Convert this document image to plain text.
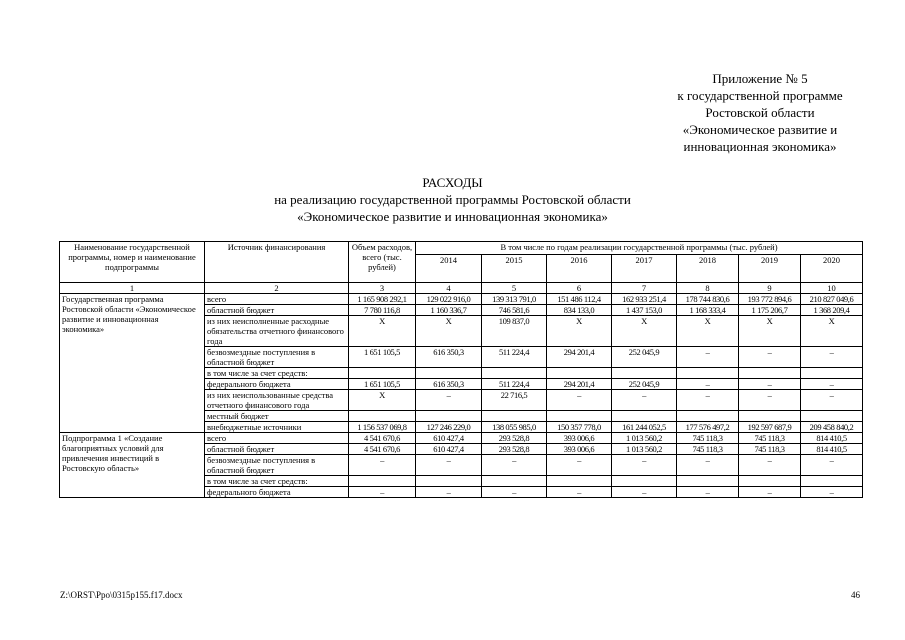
Приложение № 5
к государственной программе
Ростовской области
«Экономическое развитие и
инновационная экономика»
РАСХОДЫ
на реализацию государственной программы Ростовской области
«Экономическое развитие и инновационная экономика»
Наименование государственной программы, номер и наименование подпрограммы	Источник финансирования	Объем расходов, всего (тыс. рублей)	В том числе по годам реализации государственной программы (тыс. рублей)						
			2014	2015	2016	2017	2018	2019	2020
1	2	3	4	5	6	7	8	9	10
Государственная программа Ростовской области «Экономическое развитие и инновационная экономика»	всего	1 165 908 292,1	129 022 916,0	139 313 791,0	151 486 112,4	162 933 251,4	178 744 830,6	193 772 894,6	210 827 049,6
	областной бюджет	7 780 116,8	1 160 336,7	746 581,6	834 133,0	1 437 153,0	1 168 333,4	1 175 206,7	1 368 209,4
	из них неисполненные расходные обязательства отчетного финансового года	Х	Х	109 837,0	Х	Х	Х	Х	Х
	безвозмездные поступления в областной бюджет	1 651 105,5	616 350,3	511 224,4	294 201,4	252 045,9	–	–	–
	в том числе за счет средств:								
	федерального бюджета	1 651 105,5	616 350,3	511 224,4	294 201,4	252 045,9	–	–	–
	из них неиспользованные средства отчетного финансового года	Х	–	22 716,5	–	–	–	–	–
	местный бюджет								
	внебюджетные источники	1 156 537 069,8	127 246 229,0	138 055 985,0	150 357 778,0	161 244 052,5	177 576 497,2	192 597 687,9	209 458 840,2
Подпрограмма 1 «Создание благоприятных условий для привлечения инвестиций в Ростовскую область»	всего	4 541 670,6	610 427,4	293 528,8	393 006,6	1 013 560,2	745 118,3	745 118,3	814 410,5
	областной бюджет	4 541 670,6	610 427,4	293 528,8	393 006,6	1 013 560,2	745 118,3	745 118,3	814 410,5
	безвозмездные поступления в областной бюджет	–	–	–	–	–	–	–	–
	в том числе за счет средств:								
	федерального бюджета	–	–	–	–	–	–	–	–
Z:\ORST\Ppo\0315p155.f17.docx	46
